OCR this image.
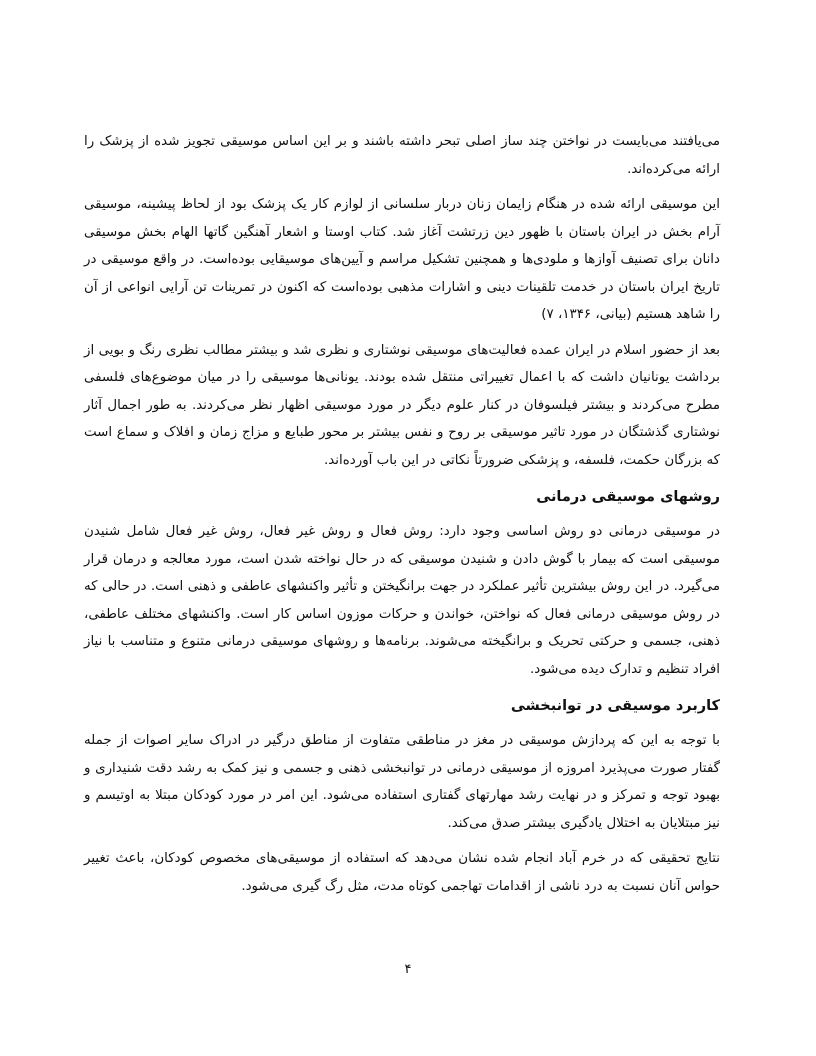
می‌یافتند می‌بایست در نواختن چند ساز اصلی تبحر داشته باشند و بر این اساس موسیقی تجویز شده از پزشک را ارائه می‌کرده‌اند.

این موسیقی ارائه شده در هنگام زایمان زنان دربار سلسانی از لوازم کار یک پزشک بود از لحاظ پیشینه، موسیقی آرام بخش در ایران باستان با ظهور دین زرتشت آغاز شد. کتاب اوستا و اشعار آهنگین گاتها الهام بخش موسیقی دانان برای تصنیف آوازها و ملودی‌ها و همچنین تشکیل مراسم و آیین‌های موسیقایی بوده‌است. در واقع موسیقی در تاریخ ایران باستان در خدمت تلقینات دینی و اشارات مذهبی بوده‌است که اکنون در تمرینات تن آرایی انواعی از آن را شاهد هستیم (بیانی، ۱۳۴۶، ۷)

بعد از حضور اسلام در ایران عمده فعالیت‌های موسیقی نوشتاری و نظری شد و بیشتر مطالب نظری رنگ و بویی از برداشت یونانیان داشت که با اعمال تغییراتی منتقل شده بودند. یونانی‌ها موسیقی را در میان موضوع‌های فلسفی مطرح می‌کردند و بیشتر فیلسوفان در کنار علوم دیگر در مورد موسیقی اظهار نظر می‌کردند. به طور اجمال آثار نوشتاری گذشتگان در مورد تاثیر موسیقی بر روح و نفس بیشتر بر محور طبایع و مزاج زمان و افلاک و سماع است که بزرگان حکمت، فلسفه، و پزشکی ضرورتاً نکاتی در این باب آورده‌اند.

روشهای موسیقی درمانی

در موسیقی درمانی دو روش اساسی وجود دارد: روش فعال و روش غیر فعال، روش غیر فعال شامل شنیدن موسیقی است که بیمار با گوش دادن و شنیدن موسیقی که در حال نواخته شدن است، مورد معالجه و درمان قرار می‌گیرد. در این روش بیشترین تأثیر عملکرد در جهت برانگیختن و تأثیر واکنشهای عاطفی و ذهنی است. در حالی که در روش موسیقی درمانی فعال که نواختن، خواندن و حرکات موزون اساس کار است. واکنشهای مختلف عاطفی، ذهنی، جسمی و حرکتی تحریک و برانگیخته می‌شوند. برنامه‌ها و روشهای موسیقی درمانی متنوع و متناسب با نیاز افراد تنظیم و تدارک دیده می‌شود.

کاربرد موسیقی در توانبخشی

با توجه به این که پردازش موسیقی در مغز در مناطقی متفاوت از مناطق درگیر در ادراک سایر اصوات از جمله گفتار صورت می‌پذیرد امروزه از موسیقی درمانی در توانبخشی ذهنی و جسمی و نیز کمک به رشد دقت شنیداری و بهبود توجه و تمرکز و در نهایت رشد مهارتهای گفتاری استفاده می‌شود. این امر در مورد کودکان مبتلا به اوتیسم و نیز مبتلایان به اختلال یادگیری بیشتر صدق می‌کند.

نتایج تحقیقی که در خرم آباد انجام شده نشان می‌دهد که استفاده از موسیقی‌های مخصوص کودکان، باعث تغییر حواس آنان نسبت به درد ناشی از اقدامات تهاجمی کوتاه مدت، مثل رگ گیری می‌شود.

۴
